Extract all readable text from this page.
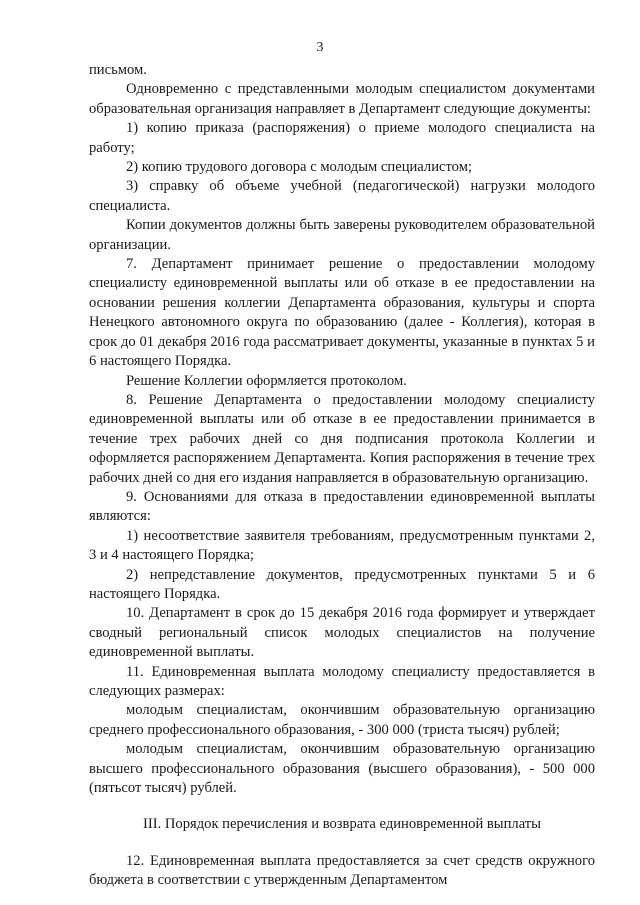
3

письмом.

Одновременно с представленными молодым специалистом документами образовательная организация направляет в Департамент следующие документы:

1) копию приказа (распоряжения) о приеме молодого специалиста на работу;

2) копию трудового договора с молодым специалистом;

3) справку об объеме учебной (педагогической) нагрузки молодого специалиста.

Копии документов должны быть заверены руководителем образовательной организации.

7. Департамент принимает решение о предоставлении молодому специалисту единовременной выплаты или об отказе в ее предоставлении на основании решения коллегии Департамента образования, культуры и спорта Ненецкого автономного округа по образованию (далее - Коллегия), которая в срок до 01 декабря 2016 года рассматривает документы, указанные в пунктах 5 и 6 настоящего Порядка.

Решение Коллегии оформляется протоколом.

8. Решение Департамента о предоставлении молодому специалисту единовременной выплаты или об отказе в ее предоставлении принимается в течение трех рабочих дней со дня подписания протокола Коллегии и оформляется распоряжением Департамента. Копия распоряжения в течение трех рабочих дней со дня его издания направляется в образовательную организацию.

9. Основаниями для отказа в предоставлении единовременной выплаты являются:

1) несоответствие заявителя требованиям, предусмотренным пунктами 2, 3 и 4 настоящего Порядка;

2) непредставление документов, предусмотренных пунктами 5 и 6 настоящего Порядка.

10. Департамент в срок до 15 декабря 2016 года формирует и утверждает сводный региональный список молодых специалистов на получение единовременной выплаты.

11. Единовременная выплата молодому специалисту предоставляется в следующих размерах:

молодым специалистам, окончившим образовательную организацию среднего профессионального образования, - 300 000 (триста тысяч) рублей;

молодым специалистам, окончившим образовательную организацию высшего профессионального образования (высшего образования), - 500 000 (пятьсот тысяч) рублей.

III. Порядок перечисления и возврата единовременной выплаты

12. Единовременная выплата предоставляется за счет средств окружного бюджета в соответствии с утвержденным Департаментом
